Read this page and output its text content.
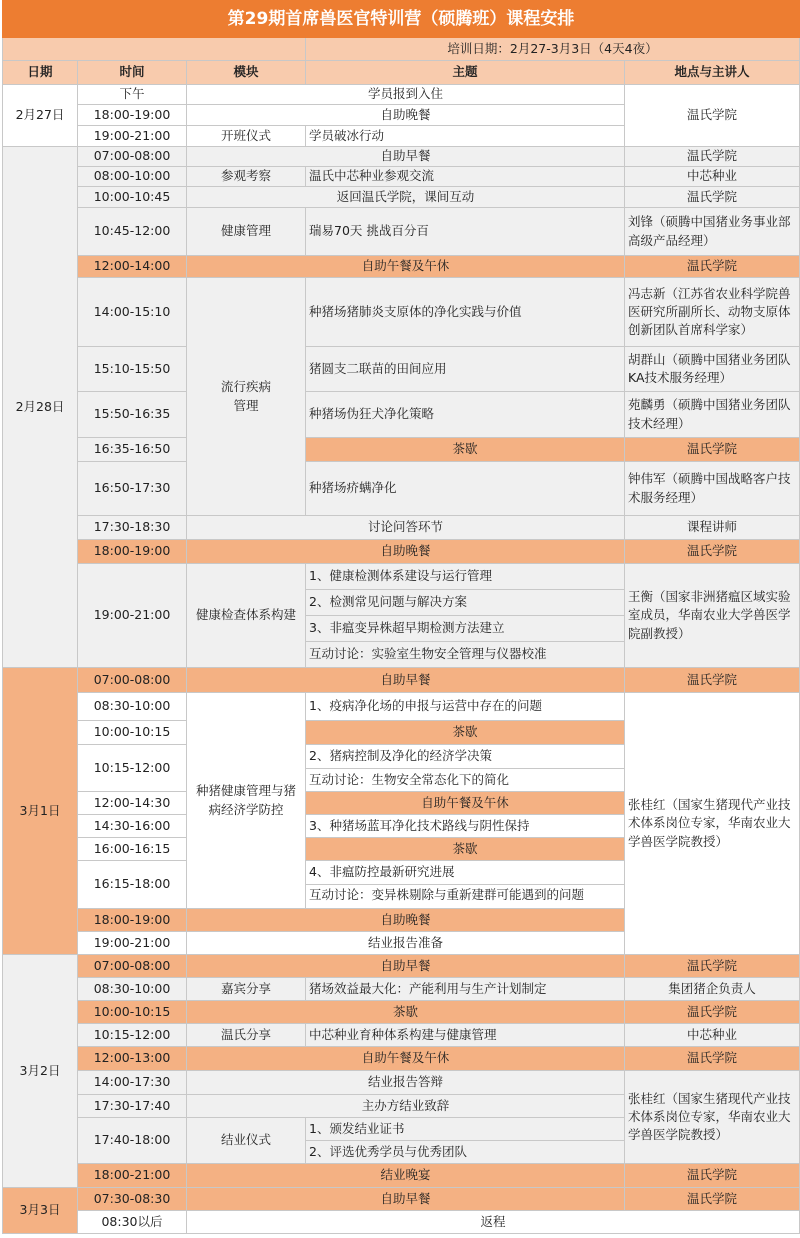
第29期首席兽医官特训营（硕腾班）课程安排				
			培训日期：2月27-3月3日（4天4夜）	
日期	时间	模块	主题	地点与主讲人
2月27日	下午	学员报到入住		温氏学院
	18:00-19:00	自助晚餐		
	19:00-21:00	开班仪式	学员破冰行动	
2月28日	07:00-08:00	自助早餐		温氏学院
	08:00-10:00	参观考察	温氏中芯种业参观交流	中芯种业
	10:00-10:45	返回温氏学院，课间互动		温氏学院
	10:45-12:00	健康管理	瑞易70天 挑战百分百	刘锋（硕腾中国猪业务事业部高级产品经理）
	12:00-14:00	自助午餐及午休		温氏学院
	14:00-15:10	流行疾病管理	种猪场猪肺炎支原体的净化实践与价值	冯志新（江苏省农业科学院兽医研究所副所长、动物支原体创新团队首席科学家）
	15:10-15:50		猪圆支二联苗的田间应用	胡群山（硕腾中国猪业务团队KA技术服务经理）
	15:50-16:35		种猪场伪狂犬净化策略	苑麟勇（硕腾中国猪业务团队技术经理）
	16:35-16:50		茶歇	温氏学院
	16:50-17:30		种猪场疥螨净化	钟伟军（硕腾中国战略客户技术服务经理）
	17:30-18:30	讨论问答环节		课程讲师
	18:00-19:00	自助晚餐		温氏学院
	19:00-21:00	健康检查体系构建	1、健康检测体系建设与运行管理	王衡（国家非洲猪瘟区域实验室成员，华南农业大学兽医学院副教授）
			2、检测常见问题与解决方案	
			3、非瘟变异株超早期检测方法建立	
			互动讨论：实验室生物安全管理与仪器校准	
3月1日	07:00-08:00	自助早餐		温氏学院
	08:30-10:00	种猪健康管理与猪病经济学防控	1、疫病净化场的申报与运营中存在的问题	张桂红（国家生猪现代产业技术体系岗位专家，华南农业大学兽医学院教授）
	10:00-10:15		茶歇	
	10:15-12:00		2、猪病控制及净化的经济学决策	
			互动讨论：生物安全常态化下的简化	
	12:00-14:30		自助午餐及午休	
	14:30-16:00		3、种猪场蓝耳净化技术路线与阴性保持	
	16:00-16:15		茶歇	
	16:15-18:00		4、非瘟防控最新研究进展	

			互动讨论：变异株剔除与重新建群可能遇到的问题	

	18:00-19:00	自助晚餐		
	19:00-21:00	结业报告准备		
3月2日	07:00-08:00	自助早餐		温氏学院
	08:30-10:00	嘉宾分享	猪场效益最大化：产能利用与生产计划制定	集团猪企负责人
	10:00-10:15	茶歇		温氏学院
	10:15-12:00	温氏分享	中芯种业育种体系构建与健康管理	中芯种业
	12:00-13:00	自助午餐及午休		温氏学院
	14:00-17:30	结业报告答辩		张桂红（国家生猪现代产业技术体系岗位专家，华南农业大学兽医学院教授）
	17:30-17:40	主办方结业致辞		
	17:40-18:00	结业仪式	1、颁发结业证书	
			2、评选优秀学员与优秀团队	
	18:00-21:00	结业晚宴		温氏学院
3月3日	07:30-08:30	自助早餐		温氏学院
	08:30以后	返程		
